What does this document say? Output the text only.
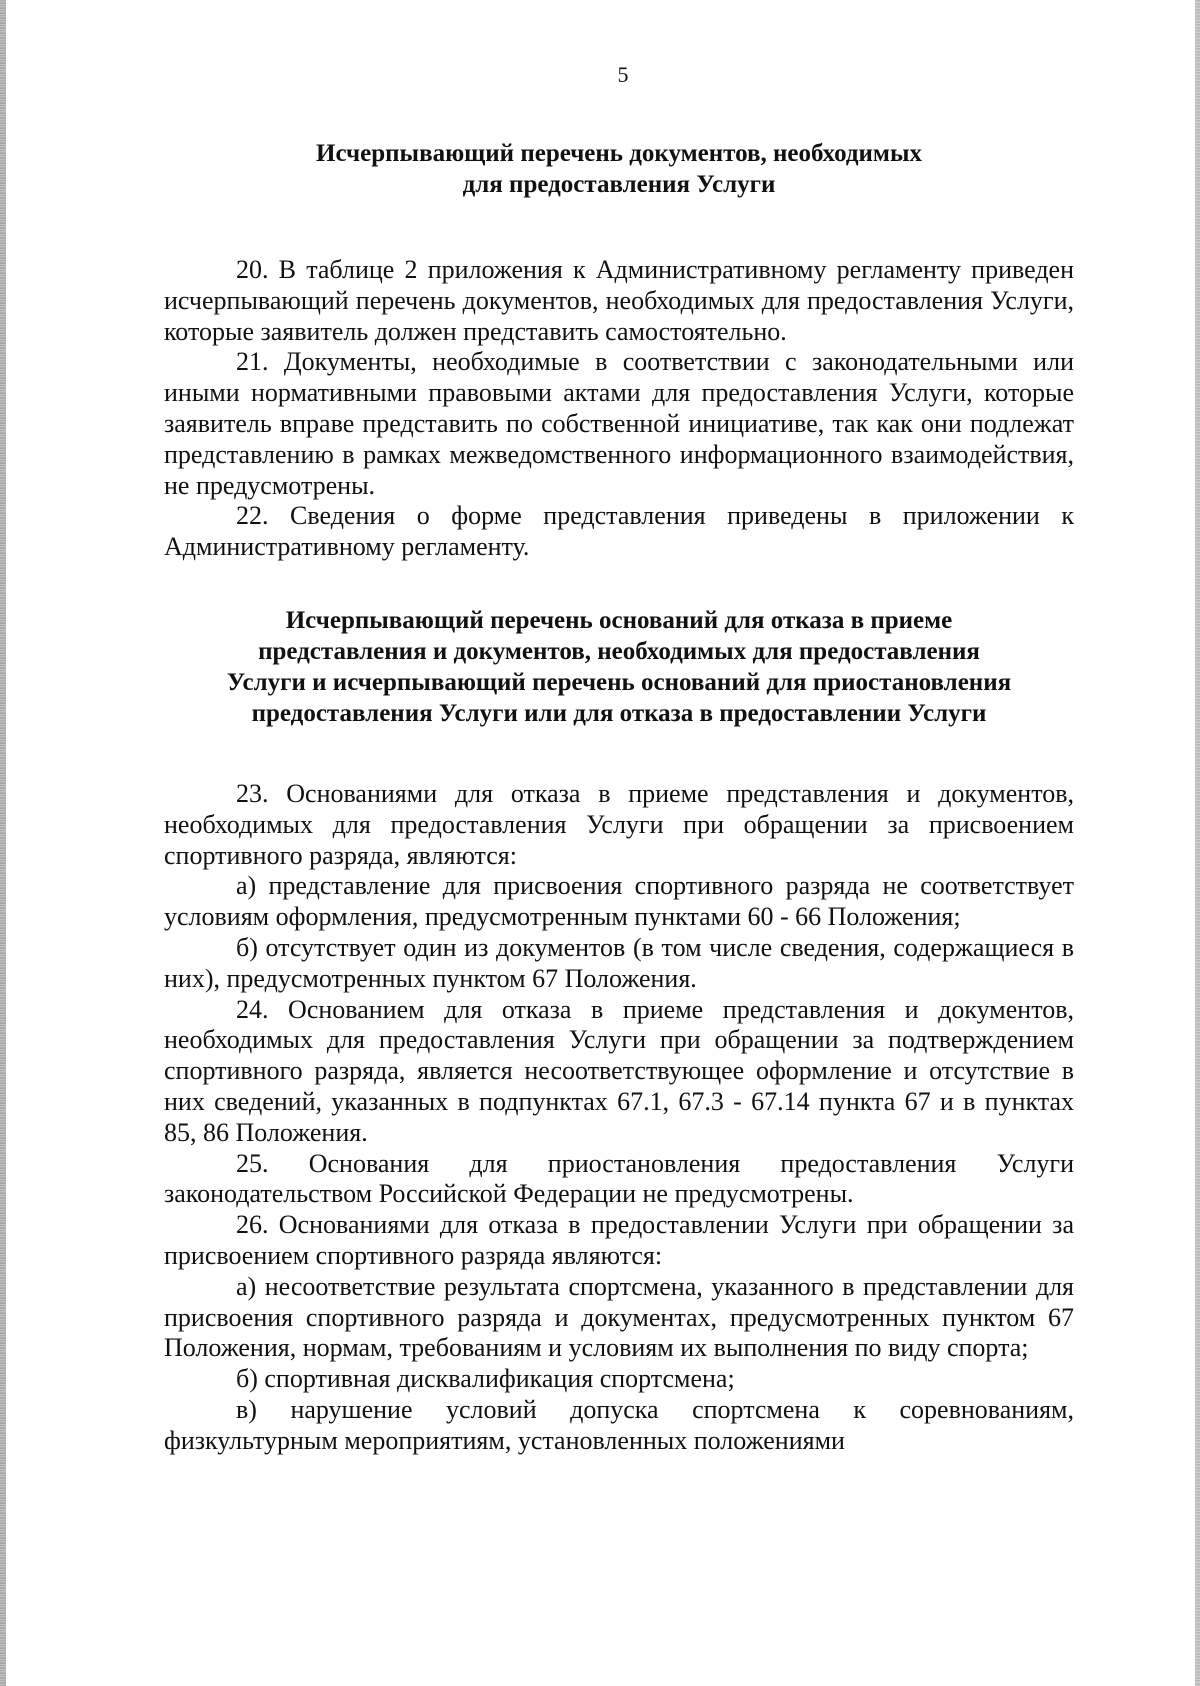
5
Исчерпывающий перечень документов, необходимых
для предоставления Услуги

20. В таблице 2 приложения к Административному регламенту приведен исчерпывающий перечень документов, необходимых для предоставления Услуги, которые заявитель должен представить самостоятельно.

21. Документы, необходимые в соответствии с законодательными или иными нормативными правовыми актами для предоставления Услуги, которые заявитель вправе представить по собственной инициативе, так как они подлежат представлению в рамках межведомственного информационного взаимодействия, не предусмотрены.

22. Сведения о форме представления приведены в приложении к Административному регламенту.

Исчерпывающий перечень оснований для отказа в приеме
представления и документов, необходимых для предоставления
Услуги и исчерпывающий перечень оснований для приостановления
предоставления Услуги или для отказа в предоставлении Услуги

23. Основаниями для отказа в приеме представления и документов, необходимых для предоставления Услуги при обращении за присвоением спортивного разряда, являются:

а) представление для присвоения спортивного разряда не соответствует условиям оформления, предусмотренным пунктами 60 - 66 Положения;

б) отсутствует один из документов (в том числе сведения, содержащиеся в них), предусмотренных пунктом 67 Положения.

24. Основанием для отказа в приеме представления и документов, необходимых для предоставления Услуги при обращении за подтверждением спортивного разряда, является несоответствующее оформление и отсутствие в них сведений, указанных в подпунктах 67.1, 67.3 - 67.14 пункта 67 и в пунктах 85, 86 Положения.

25. Основания для приостановления предоставления Услуги законодательством Российской Федерации не предусмотрены.

26. Основаниями для отказа в предоставлении Услуги при обращении за присвоением спортивного разряда являются:

а) несоответствие результата спортсмена, указанного в представлении для присвоения спортивного разряда и документах, предусмотренных пунктом 67 Положения, нормам, требованиям и условиям их выполнения по виду спорта;

б) спортивная дисквалификация спортсмена;

в) нарушение условий допуска спортсмена к соревнованиям, физкультурным мероприятиям, установленных положениями
